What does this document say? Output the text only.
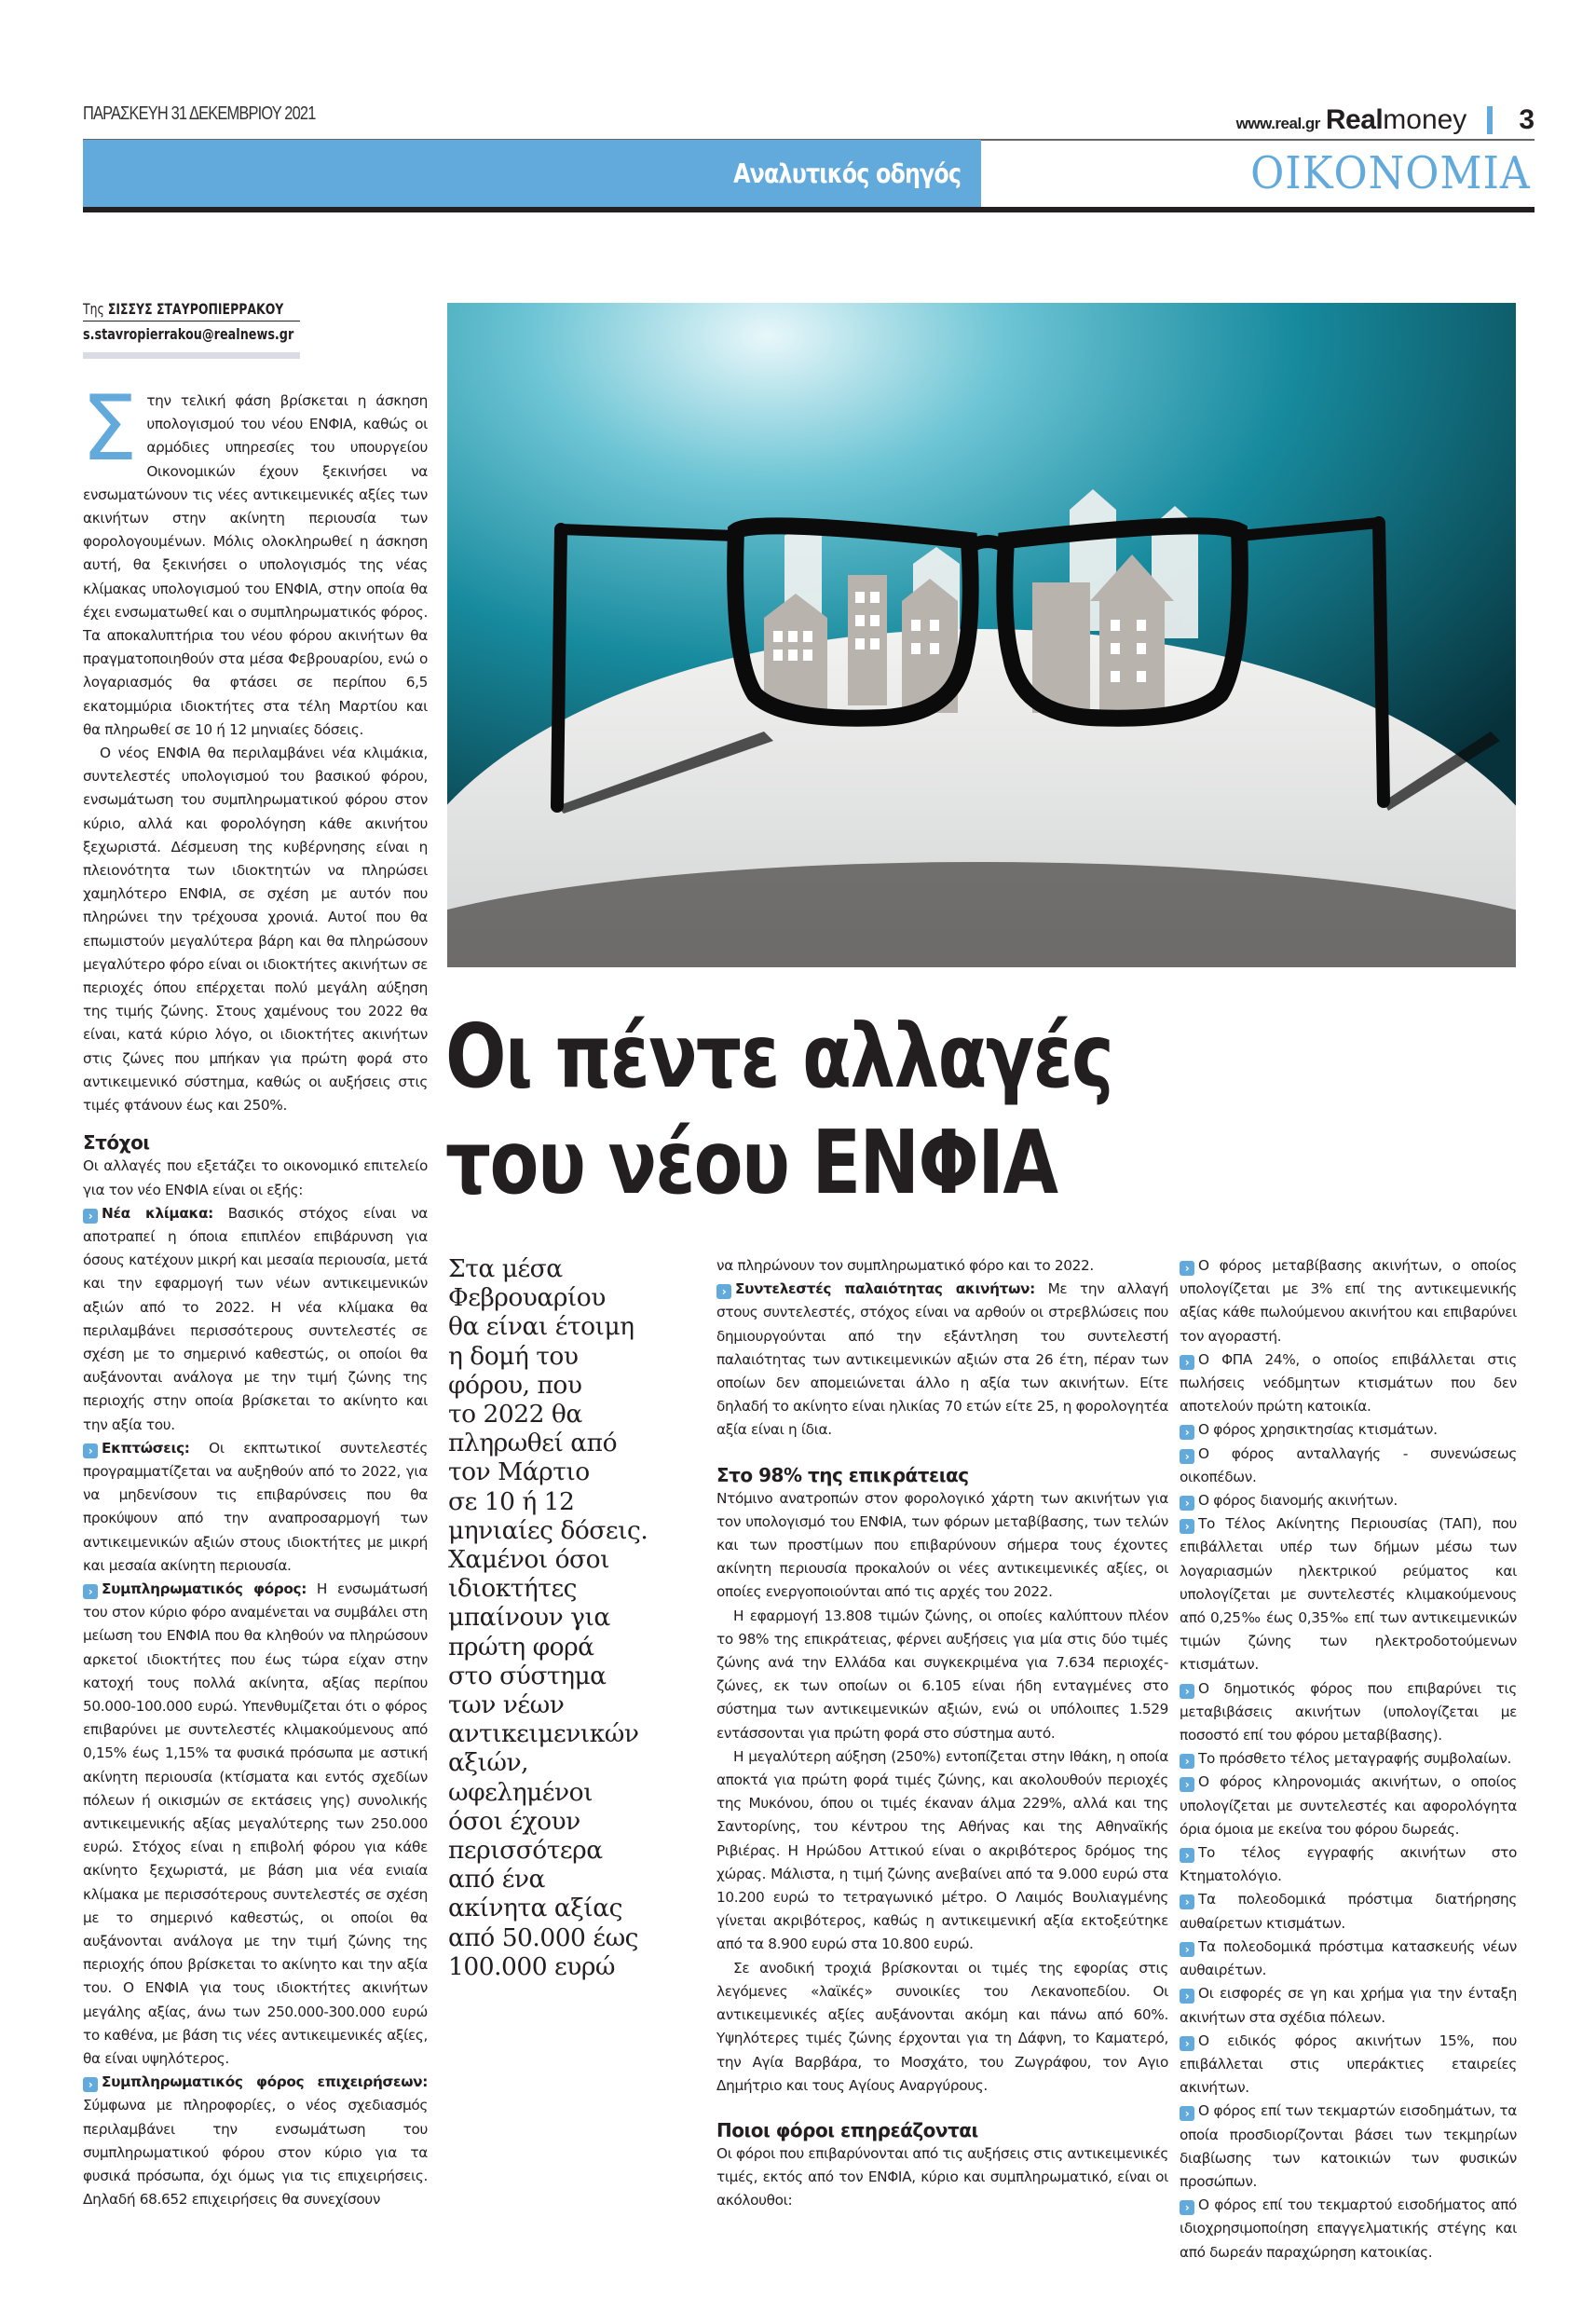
ΠΑΡΑΣΚΕΥΗ 31 ΔΕΚΕΜΒΡΙΟΥ 2021	www.real.gr Real money 3
Αναλυτικός οδηγός	ΟΙΚΟΝΟΜΙΑ
Της ΣΙΣΣΥΣ ΣΤΑΥΡΟΠΙΕΡΡΑΚΟΥ
s.stavropierrakou@realnews.gr

Στην τελική φάση βρίσκεται η άσκηση υπολογισμού του νέου ΕΝΦΙΑ, καθώς οι αρμόδιες υπηρεσίες του υπουργείου Οικονομικών έχουν ξεκινήσει να ενσωματώνουν τις νέες αντικειμενικές αξίες των ακινήτων στην ακίνητη περιουσία των φορολογουμένων. Μόλις ολοκληρωθεί η άσκηση αυτή, θα ξεκινήσει ο υπολογισμός της νέας κλίμακας υπολογισμού του ΕΝΦΙΑ, στην οποία θα έχει ενσωματωθεί και ο συμπληρωματικός φόρος. Τα αποκαλυπτήρια του νέου φόρου ακινήτων θα πραγματοποιηθούν στα μέσα Φεβρουαρίου, ενώ ο λογαριασμός θα φτάσει σε περίπου 6,5 εκατομμύρια ιδιοκτήτες στα τέλη Μαρτίου και θα πληρωθεί σε 10 ή 12 μηνιαίες δόσεις.

Ο νέος ΕΝΦΙΑ θα περιλαμβάνει νέα κλιμάκια, συντελεστές υπολογισμού του βασικού φόρου, ενσωμάτωση του συμπληρωματικού φόρου στον κύριο, αλλά και φορολόγηση κάθε ακινήτου ξεχωριστά. Δέσμευση της κυβέρνησης είναι η πλειονότητα των ιδιοκτητών να πληρώσει χαμηλότερο ΕΝΦΙΑ, σε σχέση με αυτόν που πληρώνει την τρέχουσα χρονιά. Αυτοί που θα επωμιστούν μεγαλύτερα βάρη και θα πληρώσουν μεγαλύτερο φόρο είναι οι ιδιοκτήτες ακινήτων σε περιοχές όπου επέρχεται πολύ μεγάλη αύξηση της τιμής ζώνης. Στους χαμένους του 2022 θα είναι, κατά κύριο λόγο, οι ιδιοκτήτες ακινήτων στις ζώνες που μπήκαν για πρώτη φορά στο αντικειμενικό σύστημα, καθώς οι αυξήσεις στις τιμές φτάνουν έως και 250%.

Στόχοι

Οι αλλαγές που εξετάζει το οικονομικό επιτελείο για τον νέο ΕΝΦΙΑ είναι οι εξής:

› Νέα κλίμακα: Βασικός στόχος είναι να αποτραπεί η όποια επιπλέον επιβάρυνση για όσους κατέχουν μικρή και μεσαία περιουσία, μετά και την εφαρμογή των νέων αντικειμενικών αξιών από το 2022. Η νέα κλίμακα θα περιλαμβάνει περισσότερους συντελεστές σε σχέση με το σημερινό καθεστώς, οι οποίοι θα αυξάνονται ανάλογα με την τιμή ζώνης της περιοχής στην οποία βρίσκεται το ακίνητο και την αξία του.

› Εκπτώσεις: Οι εκπτωτικοί συντελεστές προγραμματίζεται να αυξηθούν από το 2022, για να μηδενίσουν τις επιβαρύνσεις που θα προκύψουν από την αναπροσαρμογή των αντικειμενικών αξιών στους ιδιοκτήτες με μικρή και μεσαία ακίνητη περιουσία.

› Συμπληρωματικός φόρος: Η ενσωμάτωσή του στον κύριο φόρο αναμένεται να συμβάλει στη μείωση του ΕΝΦΙΑ που θα κληθούν να πληρώσουν αρκετοί ιδιοκτήτες που έως τώρα είχαν στην κατοχή τους πολλά ακίνητα, αξίας περίπου 50.000-100.000 ευρώ. Υπενθυμίζεται ότι ο φόρος επιβαρύνει με συντελεστές κλιμακούμενους από 0,15% έως 1,15% τα φυσικά πρόσωπα με αστική ακίνητη περιουσία (κτίσματα και εντός σχεδίων πόλεων ή οικισμών σε εκτάσεις γης) συνολικής αντικειμενικής αξίας μεγαλύτερης των 250.000 ευρώ. Στόχος είναι η επιβολή φόρου για κάθε ακίνητο ξεχωριστά, με βάση μια νέα ενιαία κλίμακα με περισσότερους συντελεστές σε σχέση με το σημερινό καθεστώς, οι οποίοι θα αυξάνονται ανάλογα με την τιμή ζώνης της περιοχής όπου βρίσκεται το ακίνητο και την αξία του. Ο ΕΝΦΙΑ για τους ιδιοκτήτες ακινήτων μεγάλης αξίας, άνω των 250.000-300.000 ευρώ το καθένα, με βάση τις νέες αντικειμενικές αξίες, θα είναι υψηλότερος.

› Συμπληρωματικός φόρος επιχειρήσεων: Σύμφωνα με πληροφορίες, ο νέος σχεδιασμός περιλαμβάνει την ενσωμάτωση του συμπληρωματικού φόρου στον κύριο για τα φυσικά πρόσωπα, όχι όμως για τις επιχειρήσεις. Δηλαδή 68.652 επιχειρήσεις θα συνεχίσουν

Οι πέντε αλλαγές
του νέου ΕΝΦΙΑ
Στα μέσα
Φεβρουαρίου
θα είναι έτοιμη
η δομή του
φόρου, που
το 2022 θα
πληρωθεί από
τον Μάρτιο
σε 10 ή 12
μηνιαίες δόσεις.
Χαμένοι όσοι
ιδιοκτήτες
μπαίνουν για
πρώτη φορά
στο σύστημα
των νέων
αντικειμενικών
αξιών,
ωφελημένοι
όσοι έχουν
περισσότερα
από ένα
ακίνητα αξίας
από 50.000 έως
100.000 ευρώ

να πληρώνουν τον συμπληρωματικό φόρο και το 2022.

› Συντελεστές παλαιότητας ακινήτων: Με την αλλαγή στους συντελεστές, στόχος είναι να αρθούν οι στρεβλώσεις που δημιουργούνται από την εξάντληση του συντελεστή παλαιότητας των αντικειμενικών αξιών στα 26 έτη, πέραν των οποίων δεν απομειώνεται άλλο η αξία των ακινήτων. Είτε δηλαδή το ακίνητο είναι ηλικίας 70 ετών είτε 25, η φορολογητέα αξία είναι η ίδια.

Στο 98% της επικράτειας

Ντόμινο ανατροπών στον φορολογικό χάρτη των ακινήτων για τον υπολογισμό του ΕΝΦΙΑ, των φόρων μεταβίβασης, των τελών και των προστίμων που επιβαρύνουν σήμερα τους έχοντες ακίνητη περιουσία προκαλούν οι νέες αντικειμενικές αξίες, οι οποίες ενεργοποιούνται από τις αρχές του 2022.

Η εφαρμογή 13.808 τιμών ζώνης, οι οποίες καλύπτουν πλέον το 98% της επικράτειας, φέρνει αυξήσεις για μία στις δύο τιμές ζώνης ανά την Ελλάδα και συγκεκριμένα για 7.634 περιοχές-ζώνες, εκ των οποίων οι 6.105 είναι ήδη ενταγμένες στο σύστημα των αντικειμενικών αξιών, ενώ οι υπόλοιπες 1.529 εντάσσονται για πρώτη φορά στο σύστημα αυτό.

Η μεγαλύτερη αύξηση (250%) εντοπίζεται στην Ιθάκη, η οποία αποκτά για πρώτη φορά τιμές ζώνης, και ακολουθούν περιοχές της Μυκόνου, όπου οι τιμές έκαναν άλμα 229%, αλλά και της Σαντορίνης, του κέντρου της Αθήνας και της Αθηναϊκής Ριβιέρας. Η Ηρώδου Αττικού είναι ο ακριβότερος δρόμος της χώρας. Μάλιστα, η τιμή ζώνης ανεβαίνει από τα 9.000 ευρώ στα 10.200 ευρώ το τετραγωνικό μέτρο. Ο Λαιμός Βουλιαγμένης γίνεται ακριβότερος, καθώς η αντικειμενική αξία εκτοξεύτηκε από τα 8.900 ευρώ στα 10.800 ευρώ.

Σε ανοδική τροχιά βρίσκονται οι τιμές της εφορίας στις λεγόμενες «λαϊκές» συνοικίες του Λεκανοπεδίου. Οι αντικειμενικές αξίες αυξάνονται ακόμη και πάνω από 60%. Υψηλότερες τιμές ζώνης έρχονται για τη Δάφνη, το Καματερό, την Αγία Βαρβάρα, το Μοσχάτο, του Ζωγράφου, τον Αγιο Δημήτριο και τους Αγίους Αναργύρους.

Ποιοι φόροι επηρεάζονται

Οι φόροι που επιβαρύνονται από τις αυξήσεις στις αντικειμενικές τιμές, εκτός από τον ΕΝΦΙΑ, κύριο και συμπληρωματικό, είναι οι ακόλουθοι:

› Ο φόρος μεταβίβασης ακινήτων, ο οποίος υπολογίζεται με 3% επί της αντικειμενικής αξίας κάθε πωλούμενου ακινήτου και επιβαρύνει τον αγοραστή.

› Ο ΦΠΑ 24%, ο οποίος επιβάλλεται στις πωλήσεις νεόδμητων κτισμάτων που δεν αποτελούν πρώτη κατοικία.

› Ο φόρος χρησικτησίας κτισμάτων.

› Ο φόρος ανταλλαγής - συνενώσεως οικοπέδων.

› Ο φόρος διανομής ακινήτων.

› Το Τέλος Ακίνητης Περιουσίας (ΤΑΠ), που επιβάλλεται υπέρ των δήμων μέσω των λογαριασμών ηλεκτρικού ρεύματος και υπολογίζεται με συντελεστές κλιμακούμενους από 0,25‰ έως 0,35‰ επί των αντικειμενικών τιμών ζώνης των ηλεκτροδοτούμενων κτισμάτων.

› Ο δημοτικός φόρος που επιβαρύνει τις μεταβιβάσεις ακινήτων (υπολογίζεται με ποσοστό επί του φόρου μεταβίβασης).

› Το πρόσθετο τέλος μεταγραφής συμβολαίων.

› Ο φόρος κληρονομιάς ακινήτων, ο οποίος υπολογίζεται με συντελεστές και αφορολόγητα όρια όμοια με εκείνα του φόρου δωρεάς.

› Το τέλος εγγραφής ακινήτων στο Κτηματολόγιο.

› Τα πολεοδομικά πρόστιμα διατήρησης αυθαίρετων κτισμάτων.

› Τα πολεοδομικά πρόστιμα κατασκευής νέων αυθαιρέτων.

› Οι εισφορές σε γη και χρήμα για την ένταξη ακινήτων στα σχέδια πόλεων.

› Ο ειδικός φόρος ακινήτων 15%, που επιβάλλεται στις υπεράκτιες εταιρείες ακινήτων.

› Ο φόρος επί των τεκμαρτών εισοδημάτων, τα οποία προσδιορίζονται βάσει των τεκμηρίων διαβίωσης των κατοικιών των φυσικών προσώπων.

› Ο φόρος επί του τεκμαρτού εισοδήματος από ιδιοχρησιμοποίηση επαγγελματικής στέγης και από δωρεάν παραχώρηση κατοικίας.
